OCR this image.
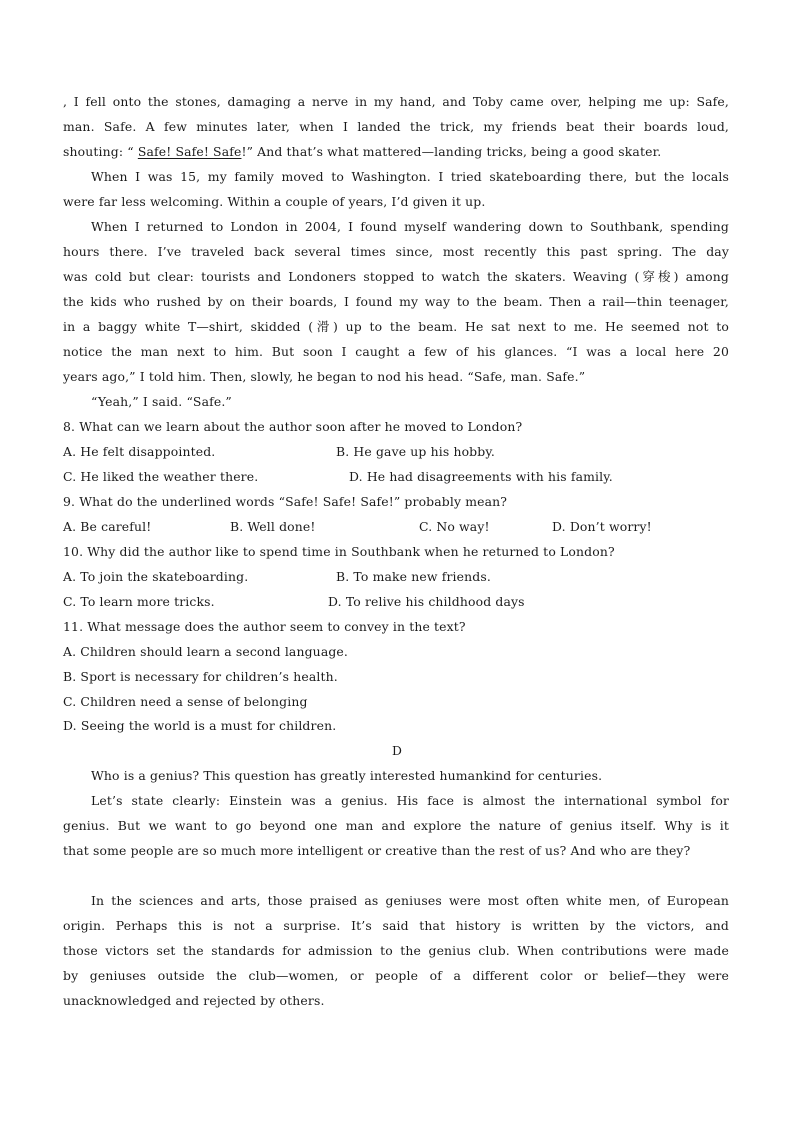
, I fell onto the stones, damaging a nerve in my hand, and Toby came over, helping me up: Safe,
man. Safe. A few minutes later, when I landed the trick, my friends beat their boards loud,
shouting: “ Safe! Safe! Safe!” And that’s what mattered—landing tricks, being a good skater.
When I was 15, my family moved to Washington. I tried skateboarding there, but the locals
were far less welcoming. Within a couple of years, I’d given it up.
When I returned to London in 2004, I found myself wandering down to Southbank, spending
hours there. I’ve traveled back several times since, most recently this past spring. The day
was cold but clear: tourists and Londoners stopped to watch the skaters. Weaving (穿梭) among
the kids who rushed by on their boards, I found my way to the beam. Then a rail—thin teenager,
in a baggy white T—shirt, skidded (滑) up to the beam. He sat next to me. He seemed not to
notice the man next to him. But soon I caught a few of his glances. “I was a local here 20
years ago,” I told him. Then, slowly, he began to nod his head. “Safe, man. Safe.”
“Yeah,” I said. “Safe.”
8. What can we learn about the author soon after he moved to London?
A. He felt disappointed.	B. He gave up his hobby.
C. He liked the weather there.	D. He had disagreements with his family.
9. What do the underlined words “Safe! Safe! Safe!” probably mean?
A. Be careful!	B. Well done!	C. No way!	D. Don’t worry!
10. Why did the author like to spend time in Southbank when he returned to London?
A. To join the skateboarding.	B. To make new friends.
C. To learn more tricks.	D. To relive his childhood days
11. What message does the author seem to convey in the text?
A. Children should learn a second language.
B. Sport is necessary for children’s health.
C. Children need a sense of belonging
D. Seeing the world is a must for children.
D
Who is a genius? This question has greatly interested humankind for centuries.
Let’s state clearly: Einstein was a genius. His face is almost the international symbol for
genius. But we want to go beyond one man and explore the nature of genius itself. Why is it
that some people are so much more intelligent or creative than the rest of us? And who are they?
In the sciences and arts, those praised as geniuses were most often white men, of European
origin. Perhaps this is not a surprise. It’s said that history is written by the victors, and
those victors set the standards for admission to the genius club. When contributions were made
by geniuses outside the club—women, or people of a different color or belief—they were
unacknowledged and rejected by others.
